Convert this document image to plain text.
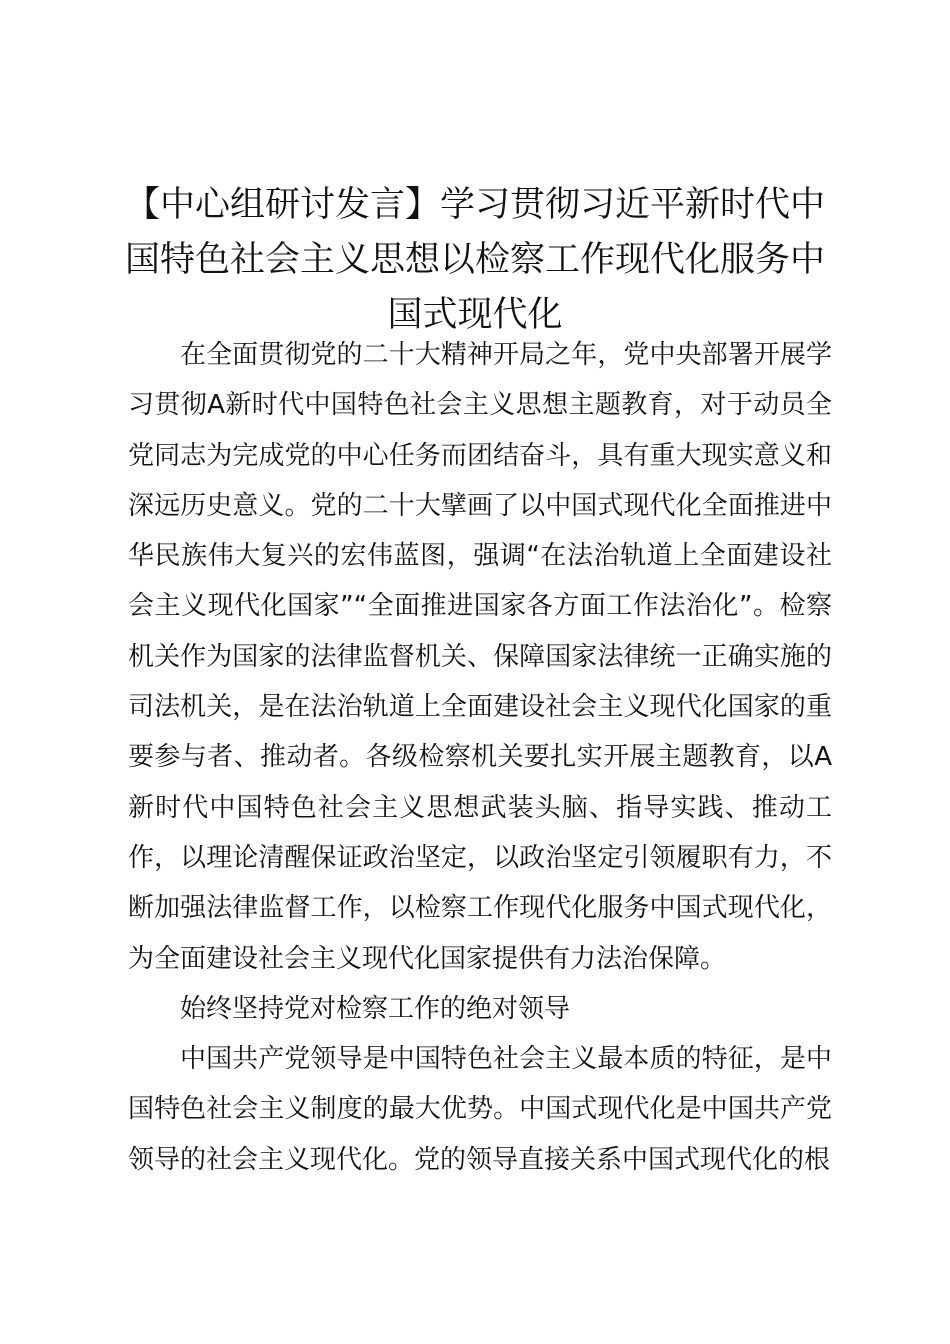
【中心组研讨发言】学习贯彻习近平新时代中国特色社会主义思想以检察工作现代化服务中国式现代化

在全面贯彻党的二十大精神开局之年，党中央部署开展学习贯彻A新时代中国特色社会主义思想主题教育，对于动员全党同志为完成党的中心任务而团结奋斗，具有重大现实意义和深远历史意义。党的二十大擘画了以中国式现代化全面推进中华民族伟大复兴的宏伟蓝图，强调“在法治轨道上全面建设社会主义现代化国家”“全面推进国家各方面工作法治化”。检察机关作为国家的法律监督机关、保障国家法律统一正确实施的司法机关，是在法治轨道上全面建设社会主义现代化国家的重要参与者、推动者。各级检察机关要扎实开展主题教育，以A新时代中国特色社会主义思想武装头脑、指导实践、推动工作，以理论清醒保证政治坚定，以政治坚定引领履职有力，不断加强法律监督工作，以检察工作现代化服务中国式现代化，为全面建设社会主义现代化国家提供有力法治保障。

始终坚持党对检察工作的绝对领导

中国共产党领导是中国特色社会主义最本质的特征，是中国特色社会主义制度的最大优势。中国式现代化是中国共产党领导的社会主义现代化。党的领导直接关系中国式现代化的根
